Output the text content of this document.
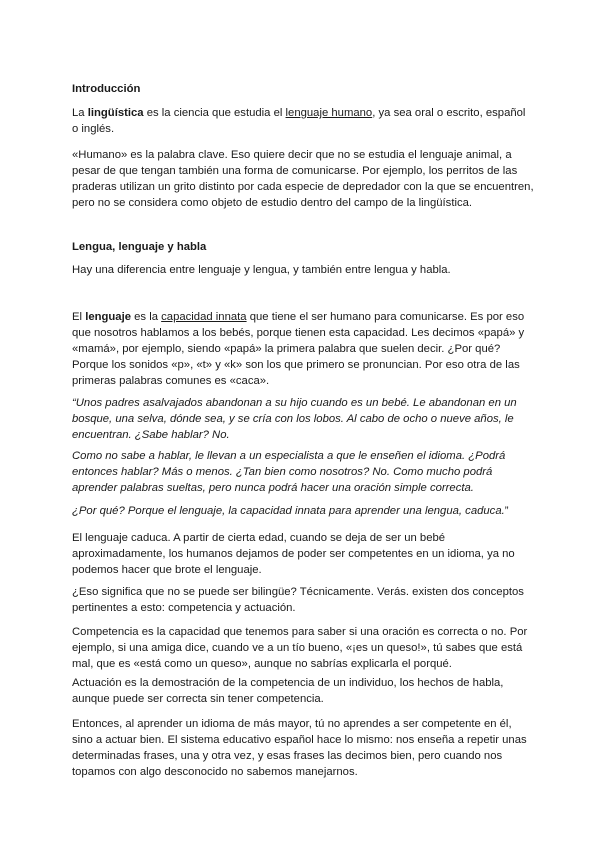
Introducción

La lingüística es la ciencia que estudia el lenguaje humano, ya sea oral o escrito, español o inglés.

«Humano» es la palabra clave. Eso quiere decir que no se estudia el lenguaje animal, a pesar de que tengan también una forma de comunicarse. Por ejemplo, los perritos de las praderas utilizan un grito distinto por cada especie de depredador con la que se encuentren, pero no se considera como objeto de estudio dentro del campo de la lingüística.

Lengua, lenguaje y habla

Hay una diferencia entre lenguaje y lengua, y también entre lengua y habla.

El lenguaje es la capacidad innata que tiene el ser humano para comunicarse. Es por eso que nosotros hablamos a los bebés, porque tienen esta capacidad. Les decimos «papá» y «mamá», por ejemplo, siendo «papá» la primera palabra que suelen decir. ¿Por qué? Porque los sonidos «p», «t» y «k» son los que primero se pronuncian. Por eso otra de las primeras palabras comunes es «caca».

“Unos padres asalvajados abandonan a su hijo cuando es un bebé. Le abandonan en un bosque, una selva, dónde sea, y se cría con los lobos. Al cabo de ocho o nueve años, le encuentran. ¿Sabe hablar? No.

Como no sabe a hablar, le llevan a un especialista a que le enseñen el idioma. ¿Podrá entonces hablar? Más o menos. ¿Tan bien como nosotros? No. Como mucho podrá aprender palabras sueltas, pero nunca podrá hacer una oración simple correcta.

¿Por qué? Porque el lenguaje, la capacidad innata para aprender una lengua, caduca.”

El lenguaje caduca. A partir de cierta edad, cuando se deja de ser un bebé aproximadamente, los humanos dejamos de poder ser competentes en un idioma, ya no podemos hacer que brote el lenguaje.

¿Eso significa que no se puede ser bilingüe? Técnicamente. Verás. existen dos conceptos pertinentes a esto: competencia y actuación.

Competencia es la capacidad que tenemos para saber si una oración es correcta o no. Por ejemplo, si una amiga dice, cuando ve a un tío bueno, «¡es un queso!», tú sabes que está mal, que es «está como un queso», aunque no sabrías explicarla el porqué.

Actuación es la demostración de la competencia de un individuo, los hechos de habla, aunque puede ser correcta sin tener competencia.

Entonces, al aprender un idioma de más mayor, tú no aprendes a ser competente en él, sino a actuar bien. El sistema educativo español hace lo mismo: nos enseña a repetir unas determinadas frases, una y otra vez, y esas frases las decimos bien, pero cuando nos topamos con algo desconocido no sabemos manejarnos.
